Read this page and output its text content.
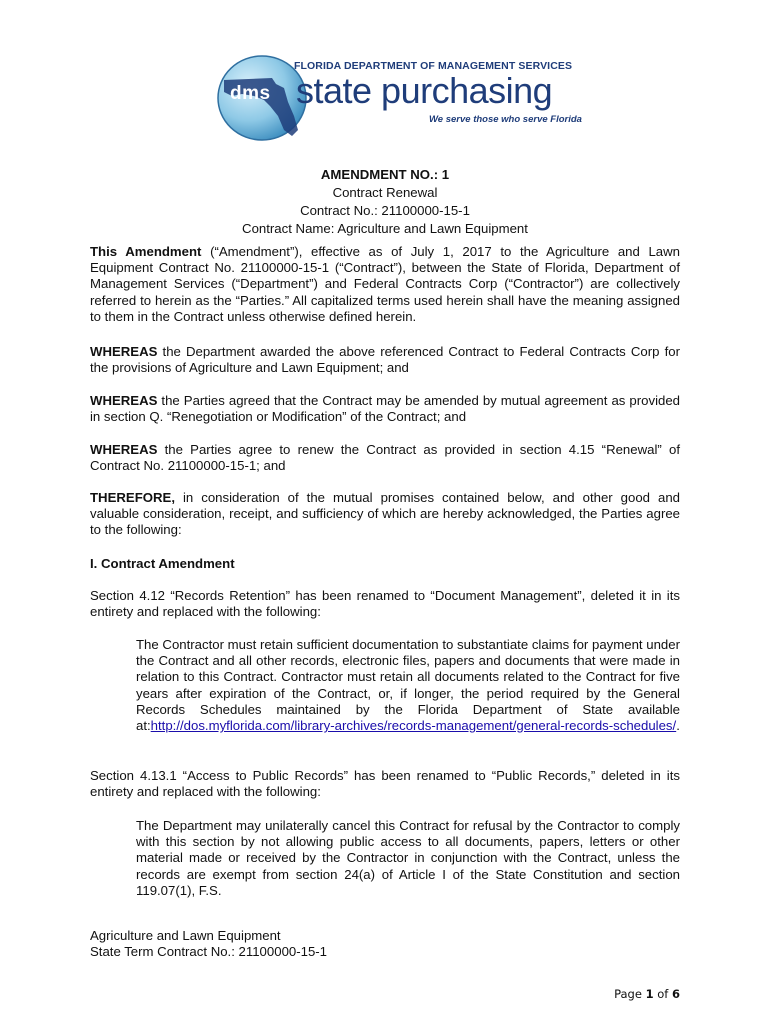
dms
FLORIDA DEPARTMENT OF MANAGEMENT SERVICES
state purchasing
We serve those who serve Florida
AMENDMENT NO.: 1
Contract Renewal
Contract No.: 21100000-15-1
Contract Name: Agriculture and Lawn Equipment
This Amendment (“Amendment”), effective as of July 1, 2017 to the Agriculture and Lawn Equipment Contract No. 21100000-15-1 (“Contract”), between the State of Florida, Department of Management Services (“Department”) and Federal Contracts Corp (“Contractor”) are collectively referred to herein as the “Parties.” All capitalized terms used herein shall have the meaning assigned to them in the Contract unless otherwise defined herein.
WHEREAS the Department awarded the above referenced Contract to Federal Contracts Corp for the provisions of Agriculture and Lawn Equipment; and
WHEREAS the Parties agreed that the Contract may be amended by mutual agreement as provided in section Q. “Renegotiation or Modification” of the Contract; and
WHEREAS the Parties agree to renew the Contract as provided in section 4.15 “Renewal” of Contract No. 21100000-15-1; and
THEREFORE, in consideration of the mutual promises contained below, and other good and valuable consideration, receipt, and sufficiency of which are hereby acknowledged, the Parties agree to the following:
I. Contract Amendment
Section 4.12 “Records Retention” has been renamed to “Document Management”, deleted it in its entirety and replaced with the following:
The Contractor must retain sufficient documentation to substantiate claims for payment under the Contract and all other records, electronic files, papers and documents that were made in relation to this Contract. Contractor must retain all documents related to the Contract for five years after expiration of the Contract, or, if longer, the period required by the General Records Schedules maintained by the Florida Department of State available at:http://dos.myflorida.com/library-archives/records-management/general-records-schedules/.
Section 4.13.1 “Access to Public Records” has been renamed to “Public Records,” deleted in its entirety and replaced with the following:
The Department may unilaterally cancel this Contract for refusal by the Contractor to comply with this section by not allowing public access to all documents, papers, letters or other material made or received by the Contractor in conjunction with the Contract, unless the records are exempt from section 24(a) of Article I of the State Constitution and section 119.07(1), F.S.
Agriculture and Lawn Equipment
State Term Contract No.: 21100000-15-1
Page 1 of 6
